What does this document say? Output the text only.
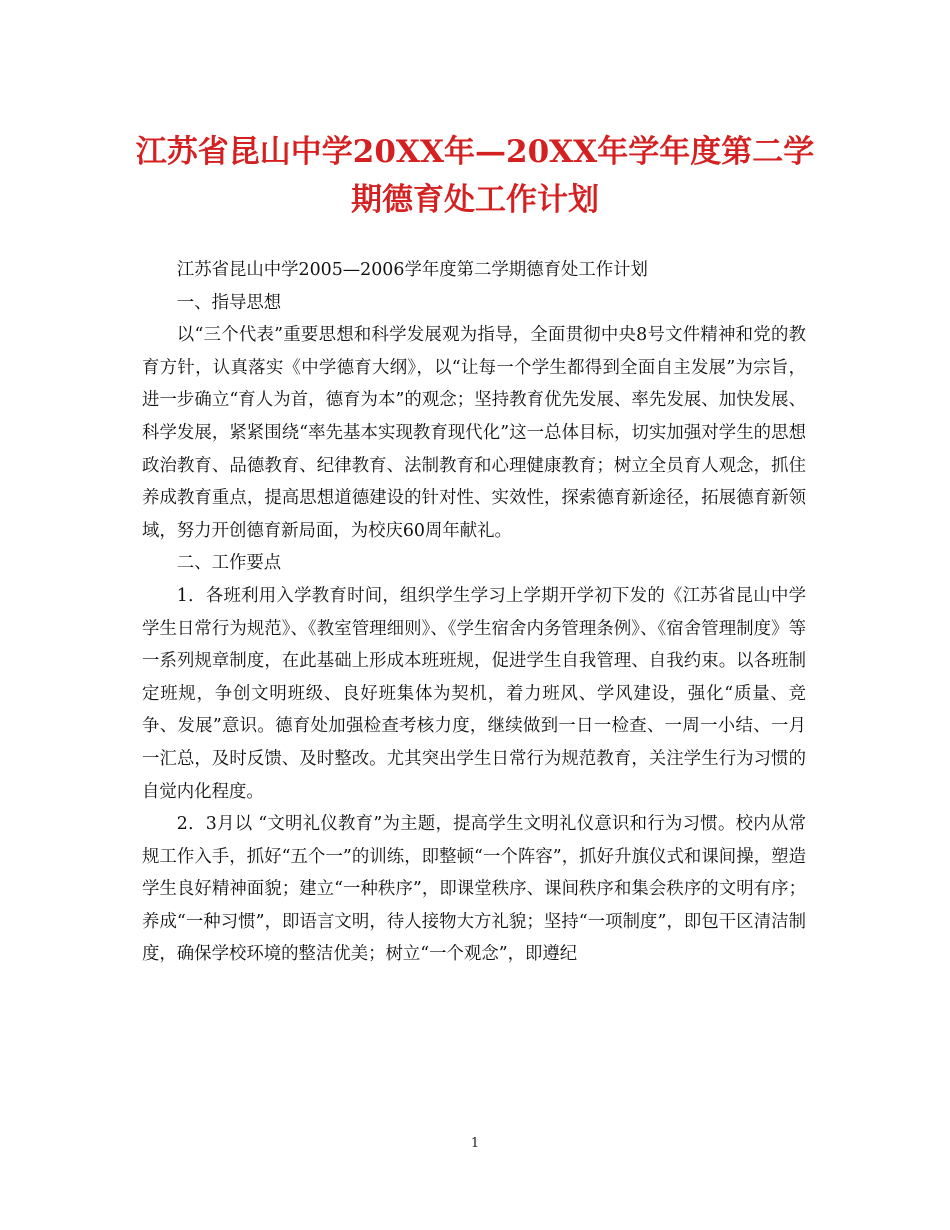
江苏省昆山中学20XX年—20XX年学年度第二学期德育处工作计划

江苏省昆山中学2005—2006学年度第二学期德育处工作计划

一、指导思想

以“三个代表”重要思想和科学发展观为指导，全面贯彻中央8号文件精神和党的教育方针，认真落实《中学德育大纲》，以“让每一个学生都得到全面自主发展”为宗旨，进一步确立“育人为首，德育为本”的观念；坚持教育优先发展、率先发展、加快发展、科学发展，紧紧围绕“率先基本实现教育现代化”这一总体目标，切实加强对学生的思想政治教育、品德教育、纪律教育、法制教育和心理健康教育；树立全员育人观念，抓住养成教育重点，提高思想道德建设的针对性、实效性，探索德育新途径，拓展德育新领域，努力开创德育新局面，为校庆60周年献礼。

二、工作要点

1．各班利用入学教育时间，组织学生学习上学期开学初下发的《江苏省昆山中学学生日常行为规范》、《教室管理细则》、《学生宿舍内务管理条例》、《宿舍管理制度》等一系列规章制度，在此基础上形成本班班规，促进学生自我管理、自我约束。以各班制定班规，争创文明班级、良好班集体为契机，着力班风、学风建设，强化“质量、竞争、发展”意识。德育处加强检查考核力度，继续做到一日一检查、一周一小结、一月一汇总，及时反馈、及时整改。尤其突出学生日常行为规范教育，关注学生行为习惯的自觉内化程度。

2．3月以 “文明礼仪教育”为主题，提高学生文明礼仪意识和行为习惯。校内从常规工作入手，抓好“五个一”的训练，即整顿“一个阵容”，抓好升旗仪式和课间操，塑造学生良好精神面貌；建立“一种秩序”，即课堂秩序、课间秩序和集会秩序的文明有序；养成“一种习惯”，即语言文明，待人接物大方礼貌；坚持“一项制度”，即包干区清洁制度，确保学校环境的整洁优美；树立“一个观念”，即遵纪

1
